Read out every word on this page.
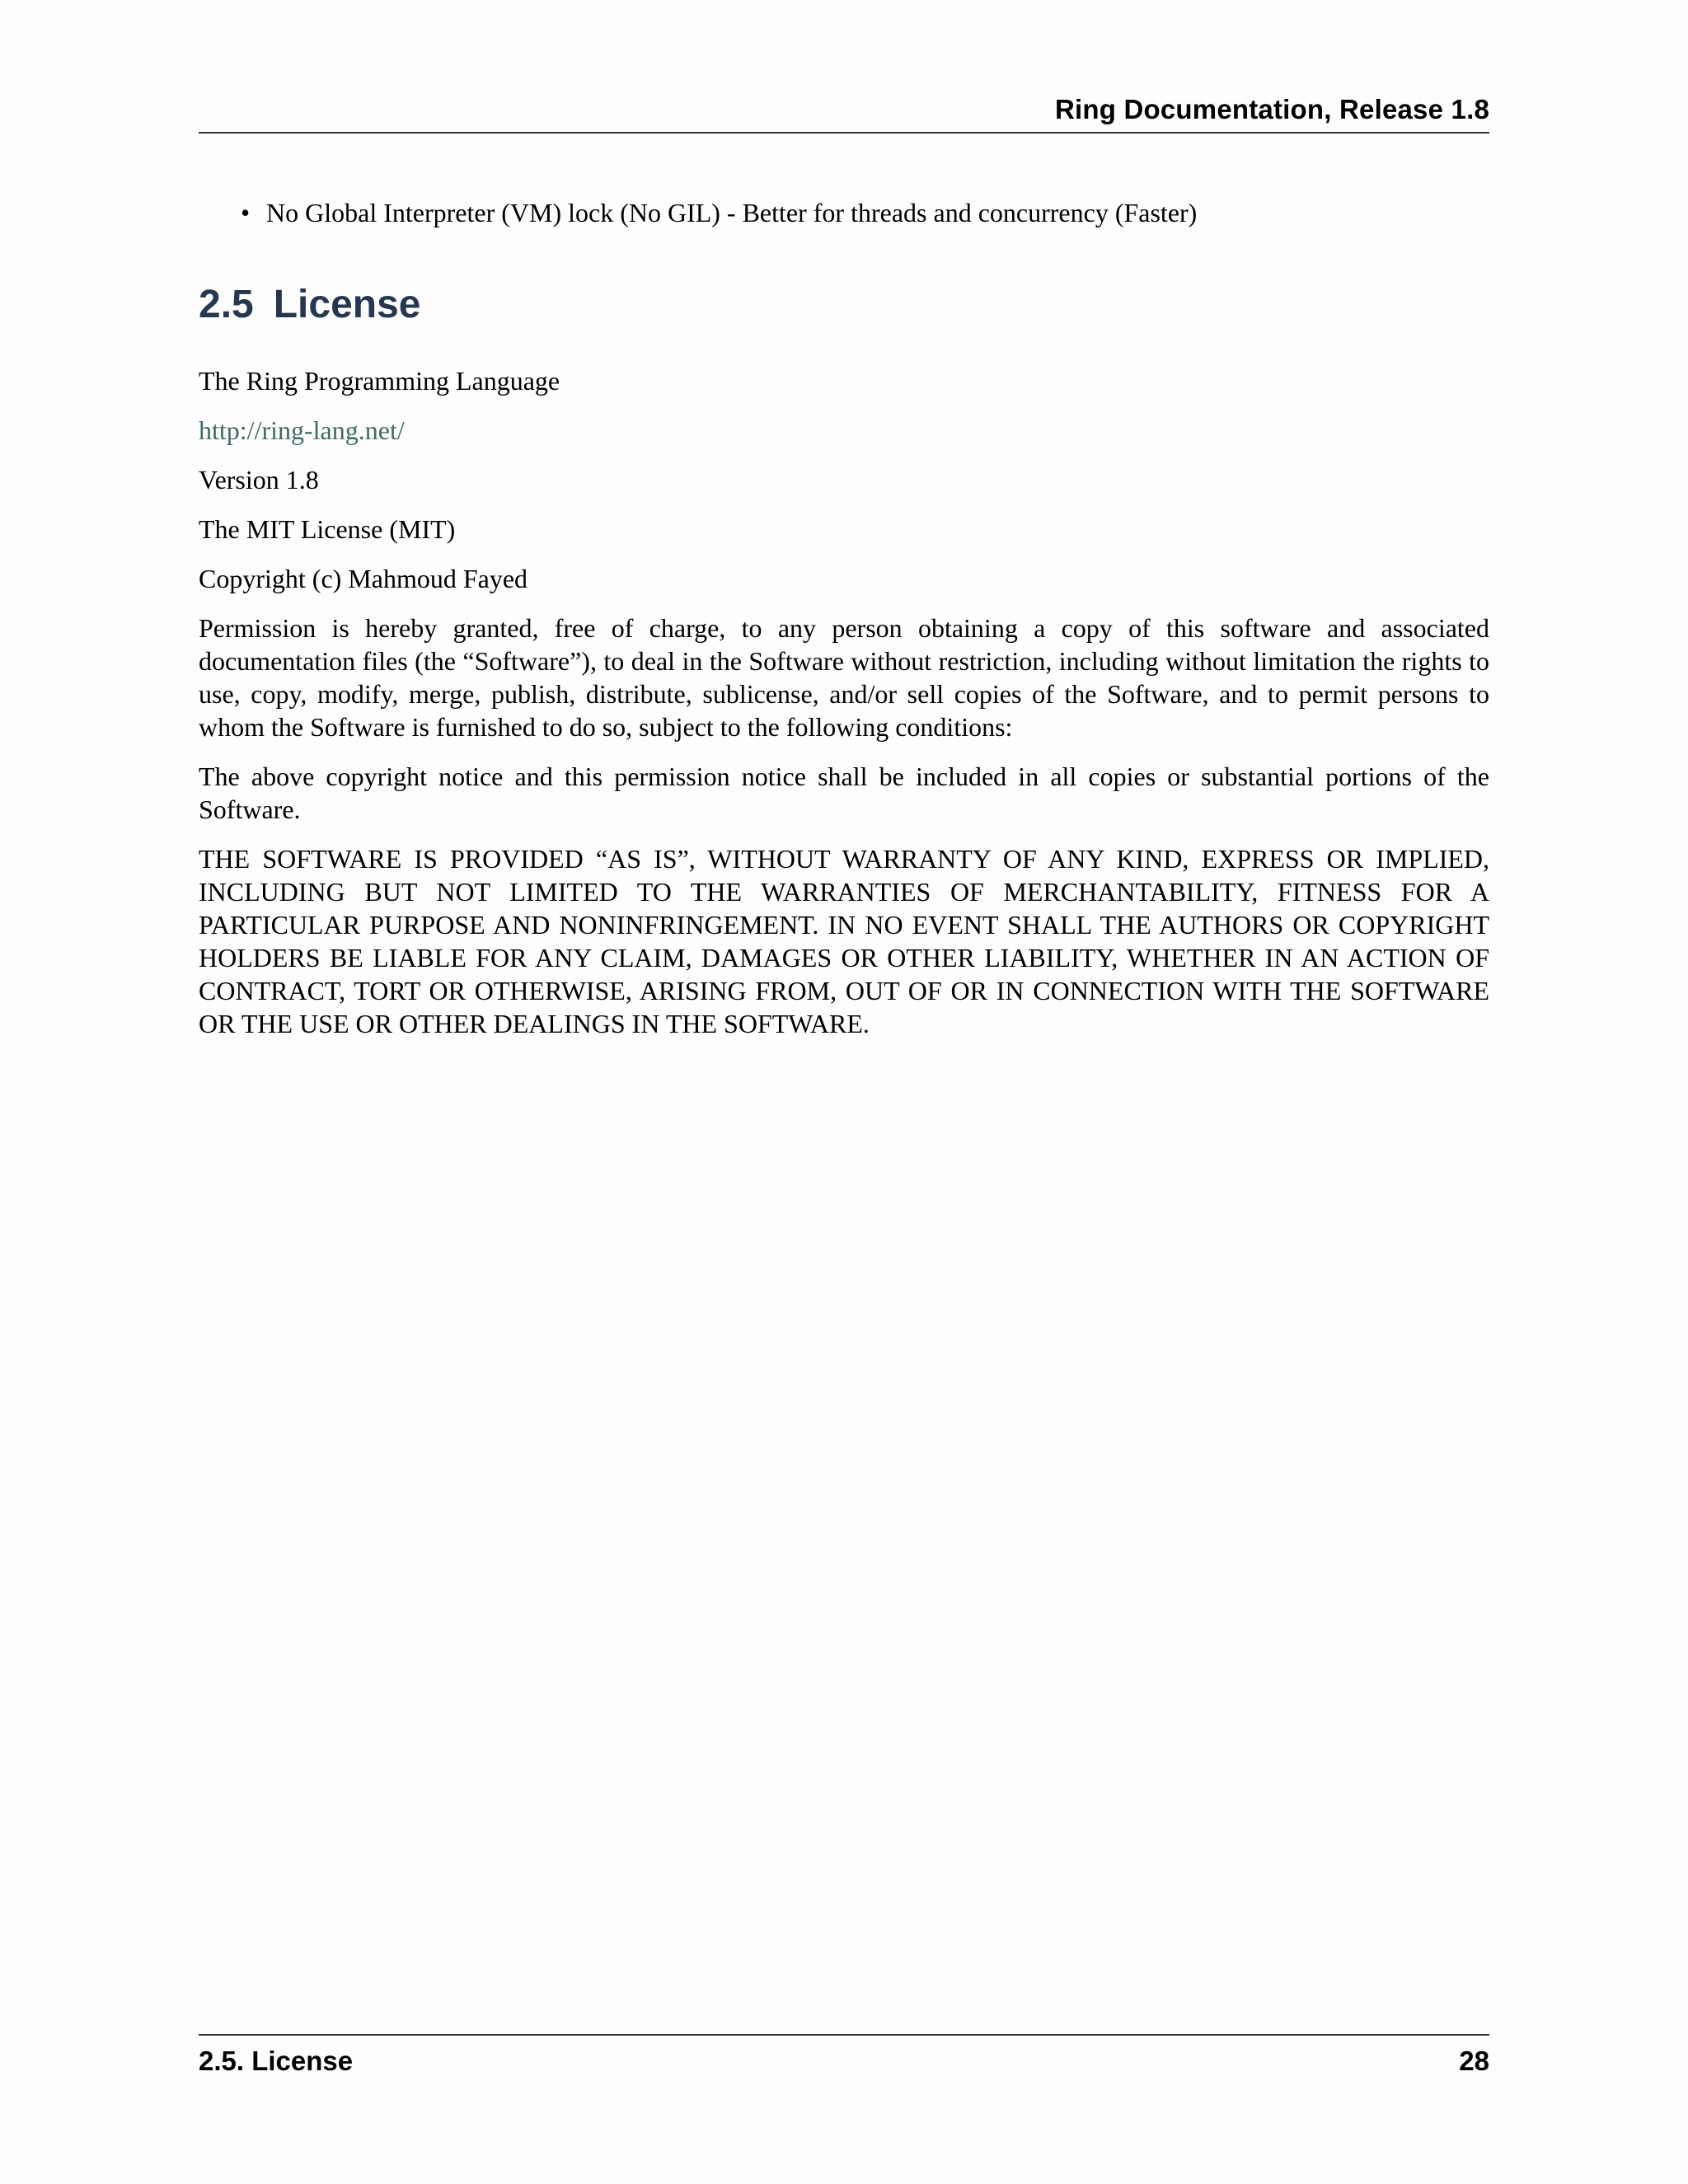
Ring Documentation, Release 1.8
• No Global Interpreter (VM) lock (No GIL) - Better for threads and concurrency (Faster)
2.5 License

The Ring Programming Language

http://ring-lang.net/

Version 1.8

The MIT License (MIT)

Copyright (c) Mahmoud Fayed

Permission is hereby granted, free of charge, to any person obtaining a copy of this software and associated documentation files (the “Software”), to deal in the Software without restriction, including without limitation the rights to use, copy, modify, merge, publish, distribute, sublicense, and/or sell copies of the Software, and to permit persons to whom the Software is furnished to do so, subject to the following conditions:

The above copyright notice and this permission notice shall be included in all copies or substantial portions of the Software.

THE SOFTWARE IS PROVIDED “AS IS”, WITHOUT WARRANTY OF ANY KIND, EXPRESS OR IMPLIED, INCLUDING BUT NOT LIMITED TO THE WARRANTIES OF MERCHANTABILITY, FITNESS FOR A PARTICULAR PURPOSE AND NONINFRINGEMENT. IN NO EVENT SHALL THE AUTHORS OR COPYRIGHT HOLDERS BE LIABLE FOR ANY CLAIM, DAMAGES OR OTHER LIABILITY, WHETHER IN AN ACTION OF CONTRACT, TORT OR OTHERWISE, ARISING FROM, OUT OF OR IN CONNECTION WITH THE SOFTWARE OR THE USE OR OTHER DEALINGS IN THE SOFTWARE.

2.5. License	28
